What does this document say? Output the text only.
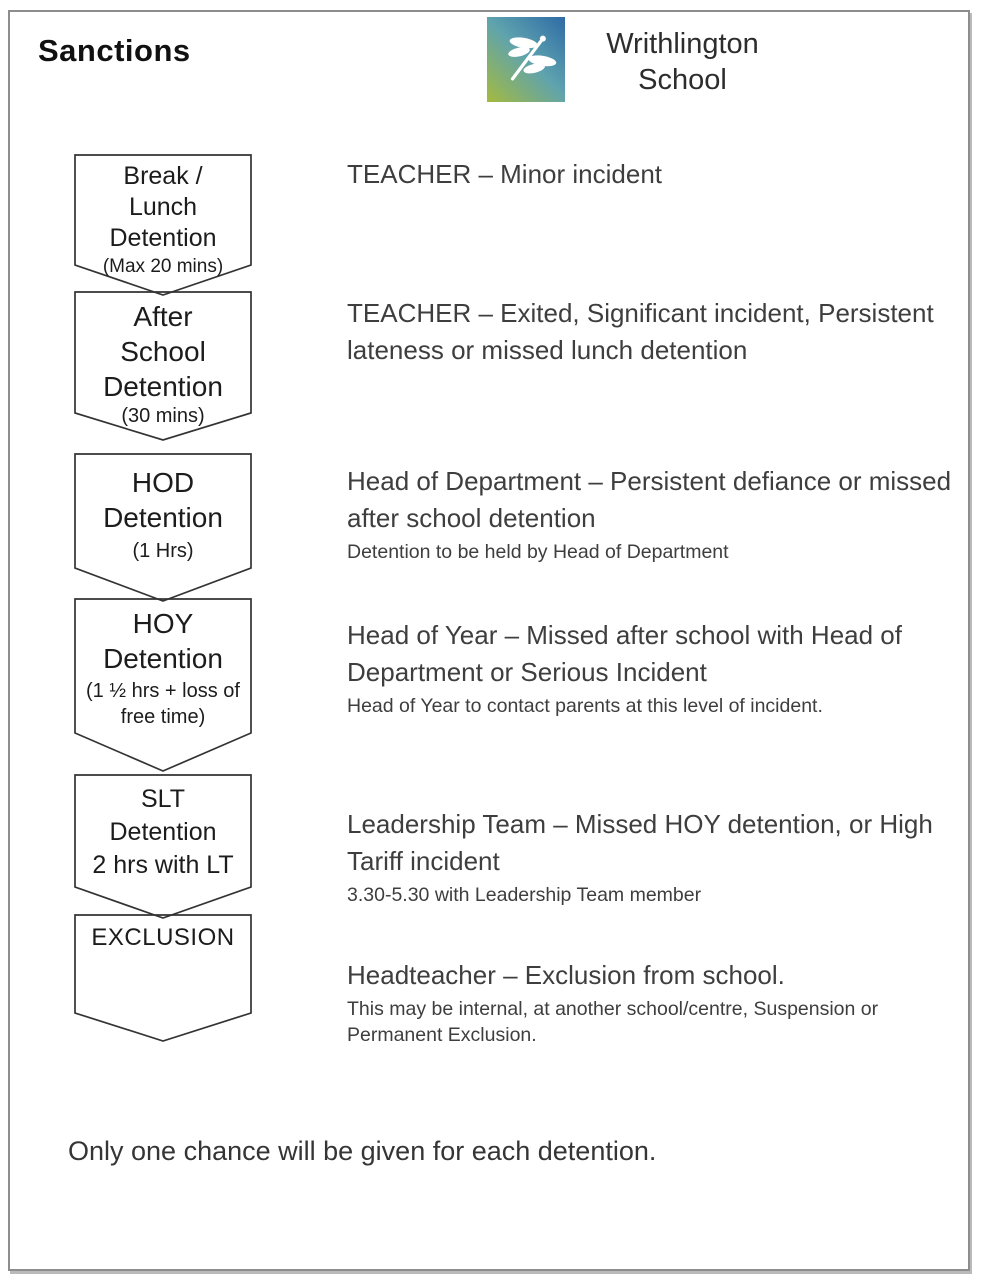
Sanctions	Writhlington
School
Break /
Lunch
Detention
(Max 20 mins)

TEACHER – Minor incident

After
School
Detention
(30 mins)

TEACHER – Exited, Significant incident, Persistent lateness or missed lunch detention

HOD
Detention
(1 Hrs)

Head of Department – Persistent defiance or missed after school detention

Detention to be held by Head of Department

HOY
Detention
(1 ½ hrs + loss of free time)

Head of Year – Missed after school with Head of Department or Serious Incident

Head of Year to contact parents at this level of incident.

SLT
Detention
2 hrs with LT

Leadership Team – Missed HOY detention, or High Tariff incident

3.30-5.30 with Leadership Team member

EXCLUSION

Headteacher – Exclusion from school.

This may be internal, at another school/centre, Suspension or Permanent Exclusion.

Only one chance will be given for each detention.
